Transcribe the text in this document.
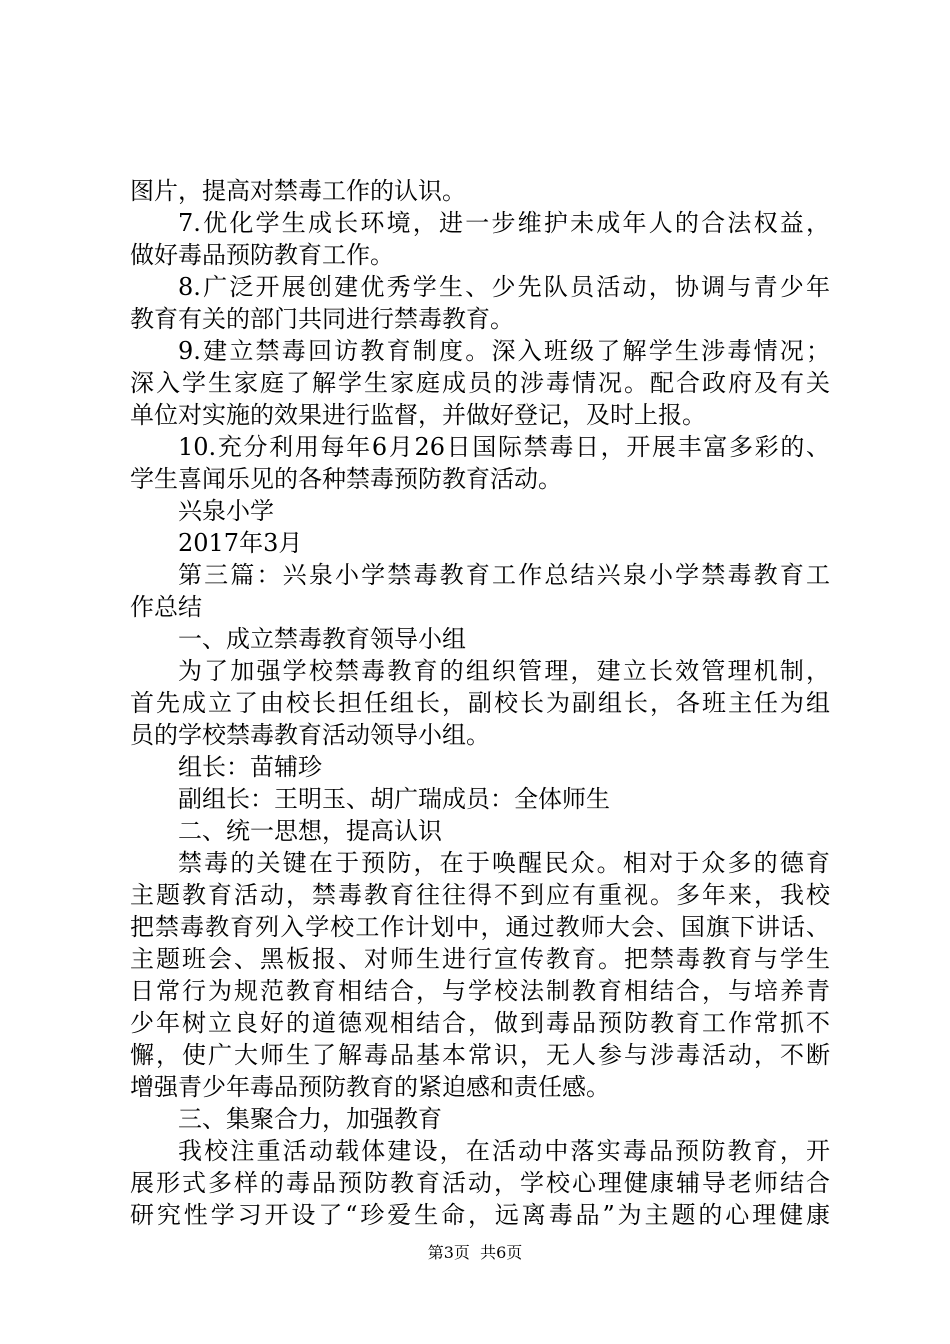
图片，提高对禁毒工作的认识。
7.优化学生成长环境，进一步维护未成年人的合法权益，
做好毒品预防教育工作。
8.广泛开展创建优秀学生、少先队员活动，协调与青少年
教育有关的部门共同进行禁毒教育。
9.建立禁毒回访教育制度。深入班级了解学生涉毒情况；
深入学生家庭了解学生家庭成员的涉毒情况。配合政府及有关
单位对实施的效果进行监督，并做好登记，及时上报。
10.充分利用每年6月26日国际禁毒日，开展丰富多彩的、
学生喜闻乐见的各种禁毒预防教育活动。
兴泉小学
2017年3月
第三篇：兴泉小学禁毒教育工作总结兴泉小学禁毒教育工
作总结
一、成立禁毒教育领导小组
为了加强学校禁毒教育的组织管理，建立长效管理机制，
首先成立了由校长担任组长，副校长为副组长，各班主任为组
员的学校禁毒教育活动领导小组。
组长：苗辅珍
副组长：王明玉、胡广瑞成员：全体师生
二、统一思想，提高认识
禁毒的关键在于预防，在于唤醒民众。相对于众多的德育
主题教育活动，禁毒教育往往得不到应有重视。多年来，我校
把禁毒教育列入学校工作计划中，通过教师大会、国旗下讲话、
主题班会、黑板报、对师生进行宣传教育。把禁毒教育与学生
日常行为规范教育相结合，与学校法制教育相结合，与培养青
少年树立良好的道德观相结合，做到毒品预防教育工作常抓不
懈，使广大师生了解毒品基本常识，无人参与涉毒活动，不断
增强青少年毒品预防教育的紧迫感和责任感。
三、集聚合力，加强教育
我校注重活动载体建设，在活动中落实毒品预防教育，开
展形式多样的毒品预防教育活动，学校心理健康辅导老师结合
研究性学习开设了“珍爱生命，远离毒品”为主题的心理健康
第3页  共6页
